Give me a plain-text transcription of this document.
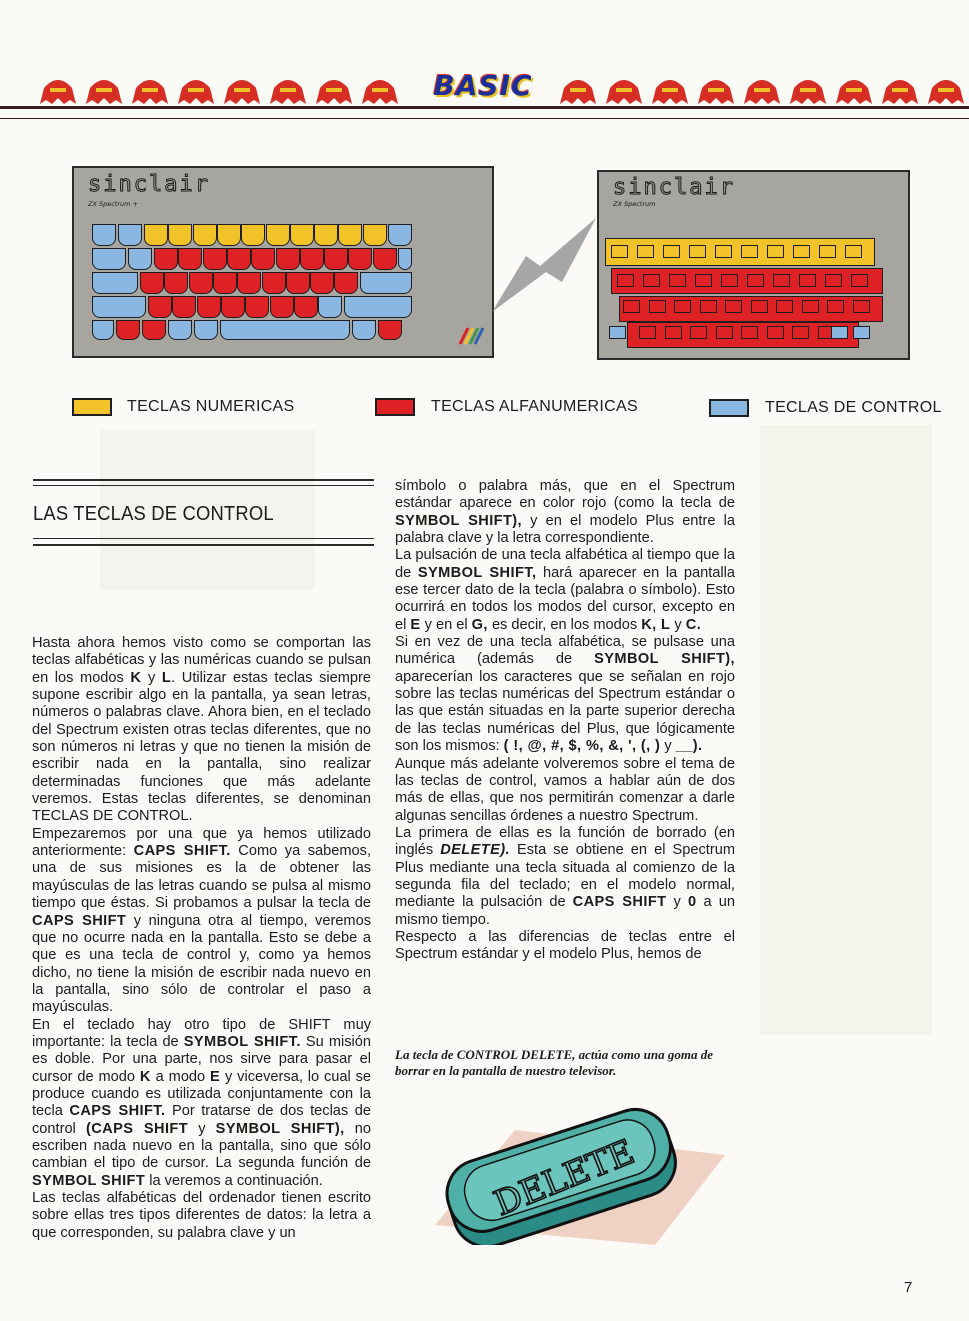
BASIC
sinclair
ZX Spectrum +
sinclair
ZX Spectrum
TECLAS NUMERICAS	TECLAS ALFANUMERICAS	TECLAS DE CONTROL
LAS TECLAS DE CONTROL

Hasta ahora hemos visto como se comportan las teclas alfabéticas y las numéricas cuando se pulsan en los modos K y L. Utilizar estas teclas siempre supone escribir algo en la pantalla, ya sean letras, números o palabras clave. Ahora bien, en el teclado del Spectrum existen otras teclas diferentes, que no son números ni letras y que no tienen la misión de escribir nada en la pantalla, sino realizar determinadas funciones que más adelante veremos. Estas teclas diferentes, se denominan TECLAS DE CONTROL.

Empezaremos por una que ya hemos utilizado anteriormente: CAPS SHIFT. Como ya sabemos, una de sus misiones es la de obtener las mayúsculas de las letras cuando se pulsa al mismo tiempo que éstas. Si probamos a pulsar la tecla de CAPS SHIFT y ninguna otra al tiempo, veremos que no ocurre nada en la pantalla. Esto se debe a que es una tecla de control y, como ya hemos dicho, no tiene la misión de escribir nada nuevo en la pantalla, sino sólo de controlar el paso a mayúsculas.

En el teclado hay otro tipo de SHIFT muy importante: la tecla de SYMBOL SHIFT. Su misión es doble. Por una parte, nos sirve para pasar el cursor de modo K a modo E y viceversa, lo cual se produce cuando es utilizada conjuntamente con la tecla CAPS SHIFT. Por tratarse de dos teclas de control (CAPS SHIFT y SYMBOL SHIFT), no escriben nada nuevo en la pantalla, sino que sólo cambian el tipo de cursor. La segunda función de SYMBOL SHIFT la veremos a continuación.

Las teclas alfabéticas del ordenador tienen escrito sobre ellas tres tipos diferentes de datos: la letra a que corresponden, su palabra clave y un

símbolo o palabra más, que en el Spectrum estándar aparece en color rojo (como la tecla de SYMBOL SHIFT), y en el modelo Plus entre la palabra clave y la letra correspondiente.

La pulsación de una tecla alfabética al tiempo que la de SYMBOL SHIFT, hará aparecer en la pantalla ese tercer dato de la tecla (palabra o símbolo). Esto ocurrirá en todos los modos del cursor, excepto en el E y en el G, es decir, en los modos K, L y C.

Si en vez de una tecla alfabética, se pulsase una numérica (además de SYMBOL SHIFT), aparecerían los caracteres que se señalan en rojo sobre las teclas numéricas del Spectrum estándar o las que están situadas en la parte superior derecha de las teclas numéricas del Plus, que lógicamente son los mismos: ( !, @, #, $, %, &, ', (, ) y __).

Aunque más adelante volveremos sobre el tema de las teclas de control, vamos a hablar aún de dos más de ellas, que nos permitirán comenzar a darle algunas sencillas órdenes a nuestro Spectrum.

La primera de ellas es la función de borrado (en inglés DELETE). Esta se obtiene en el Spectrum Plus mediante una tecla situada al comienzo de la segunda fila del teclado; en el modelo normal, mediante la pulsación de CAPS SHIFT y 0 a un mismo tiempo.

Respecto a las diferencias de teclas entre el Spectrum estándar y el modelo Plus, hemos de

La tecla de CONTROL DELETE, actúa como una goma de borrar en la pantalla de nuestro televisor.
DELETE
7
